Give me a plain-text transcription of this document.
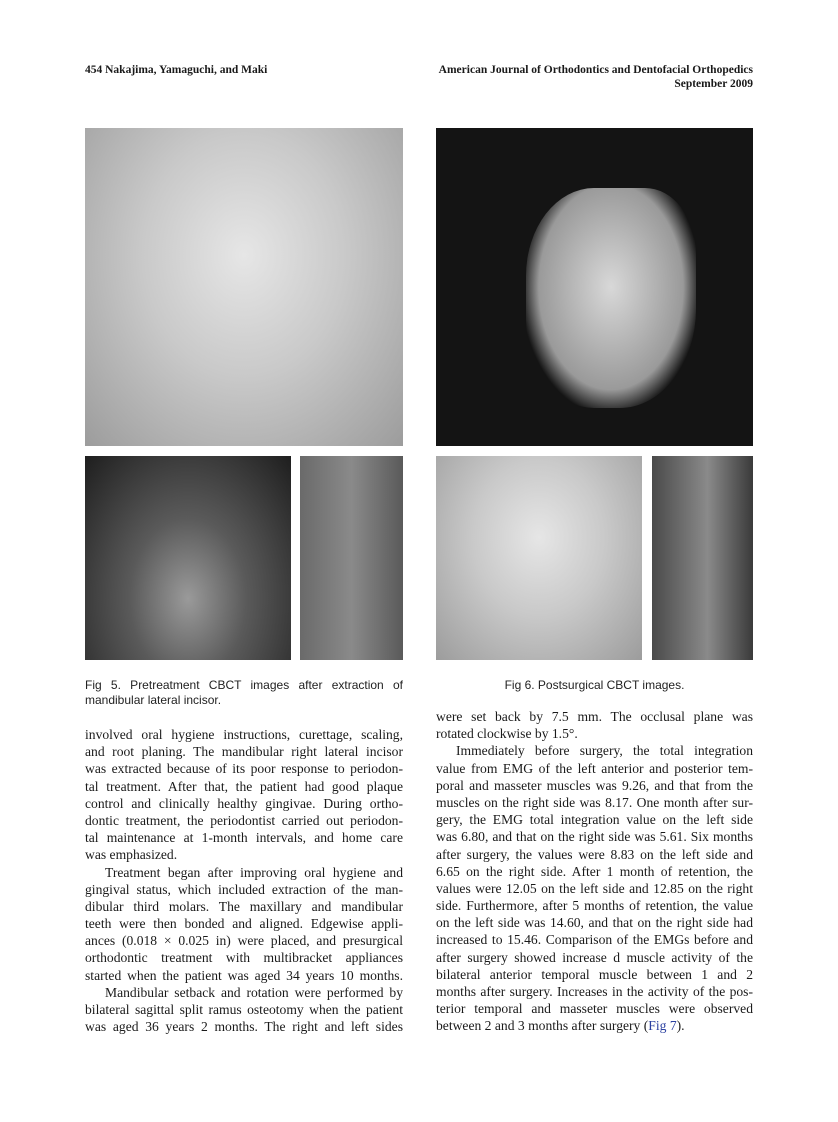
454 Nakajima, Yamaguchi, and Maki	American Journal of Orthodontics and Dentofacial Orthopedics
September 2009
Fig 5. Pretreatment CBCT images after extraction of
mandibular lateral incisor.
Fig 6. Postsurgical CBCT images.
involved oral hygiene instructions, curettage, scaling,
and root planing. The mandibular right lateral incisor
was extracted because of its poor response to periodon-
tal treatment. After that, the patient had good plaque
control and clinically healthy gingivae. During ortho-
dontic treatment, the periodontist carried out periodon-
tal maintenance at 1-month intervals, and home care
was emphasized.
Treatment began after improving oral hygiene and
gingival status, which included extraction of the man-
dibular third molars. The maxillary and mandibular
teeth were then bonded and aligned. Edgewise appli-
ances (0.018 × 0.025 in) were placed, and presurgical
orthodontic treatment with multibracket appliances
started when the patient was aged 34 years 10 months.
Mandibular setback and rotation were performed by
bilateral sagittal split ramus osteotomy when the patient
was aged 36 years 2 months. The right and left sides
were set back by 7.5 mm. The occlusal plane was
rotated clockwise by 1.5°.
Immediately before surgery, the total integration
value from EMG of the left anterior and posterior tem-
poral and masseter muscles was 9.26, and that from the
muscles on the right side was 8.17. One month after sur-
gery, the EMG total integration value on the left side
was 6.80, and that on the right side was 5.61. Six months
after surgery, the values were 8.83 on the left side and
6.65 on the right side. After 1 month of retention, the
values were 12.05 on the left side and 12.85 on the right
side. Furthermore, after 5 months of retention, the value
on the left side was 14.60, and that on the right side had
increased to 15.46. Comparison of the EMGs before and
after surgery showed increase d muscle activity of the
bilateral anterior temporal muscle between 1 and 2
months after surgery. Increases in the activity of the pos-
terior temporal and masseter muscles were observed
between 2 and 3 months after surgery (Fig 7).
